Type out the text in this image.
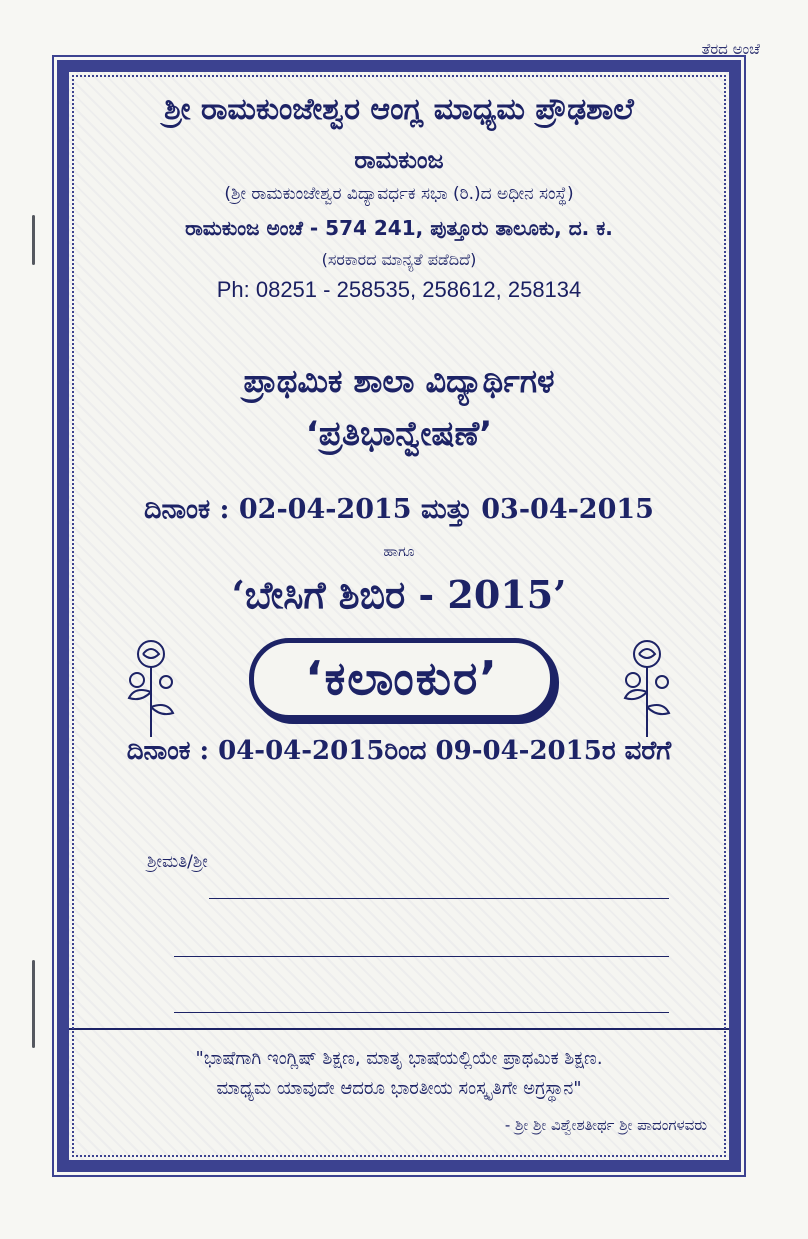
ತೆರದ ಅಂಚೆ
ಶ್ರೀ ರಾಮಕುಂಜೇಶ್ವರ ಆಂಗ್ಲ ಮಾಧ್ಯಮ ಪ್ರೌಢಶಾಲೆ
ರಾಮಕುಂಜ
(ಶ್ರೀ ರಾಮಕುಂಜೇಶ್ವರ ವಿದ್ಯಾವರ್ಧಕ ಸಭಾ (ರಿ.)ದ ಅಧೀನ ಸಂಸ್ಥೆ)
ರಾಮಕುಂಜ ಅಂಚೆ - 574 241, ಪುತ್ತೂರು ತಾಲೂಕು, ದ. ಕ.
(ಸರಕಾರದ ಮಾನ್ಯತೆ ಪಡೆದಿದೆ)
Ph: 08251 - 258535, 258612, 258134
ಪ್ರಾಥಮಿಕ ಶಾಲಾ ವಿದ್ಯಾರ್ಥಿಗಳ
‘ಪ್ರತಿಭಾನ್ವೇಷಣೆ’
ದಿನಾಂಕ : 02-04-2015 ಮತ್ತು 03-04-2015
ಹಾಗೂ
‘ಬೇಸಿಗೆ ಶಿಬಿರ - 2015’
‘ಕಲಾಂಕುರ’
ದಿನಾಂಕ : 04-04-2015ರಿಂದ 09-04-2015ರ ವರೆಗೆ
ಶ್ರೀಮತಿ/ಶ್ರೀ
"ಭಾಷೆಗಾಗಿ ಇಂಗ್ಲಿಷ್ ಶಿಕ್ಷಣ, ಮಾತೃ ಭಾಷೆಯಲ್ಲಿಯೇ ಪ್ರಾಥಮಿಕ ಶಿಕ್ಷಣ.
ಮಾಧ್ಯಮ ಯಾವುದೇ ಆದರೂ ಭಾರತೀಯ ಸಂಸ್ಕೃತಿಗೇ ಅಗ್ರಸ್ಥಾನ"
- ಶ್ರೀ ಶ್ರೀ ವಿಶ್ವೇಶತೀರ್ಥ ಶ್ರೀ ಪಾದಂಗಳವರು
